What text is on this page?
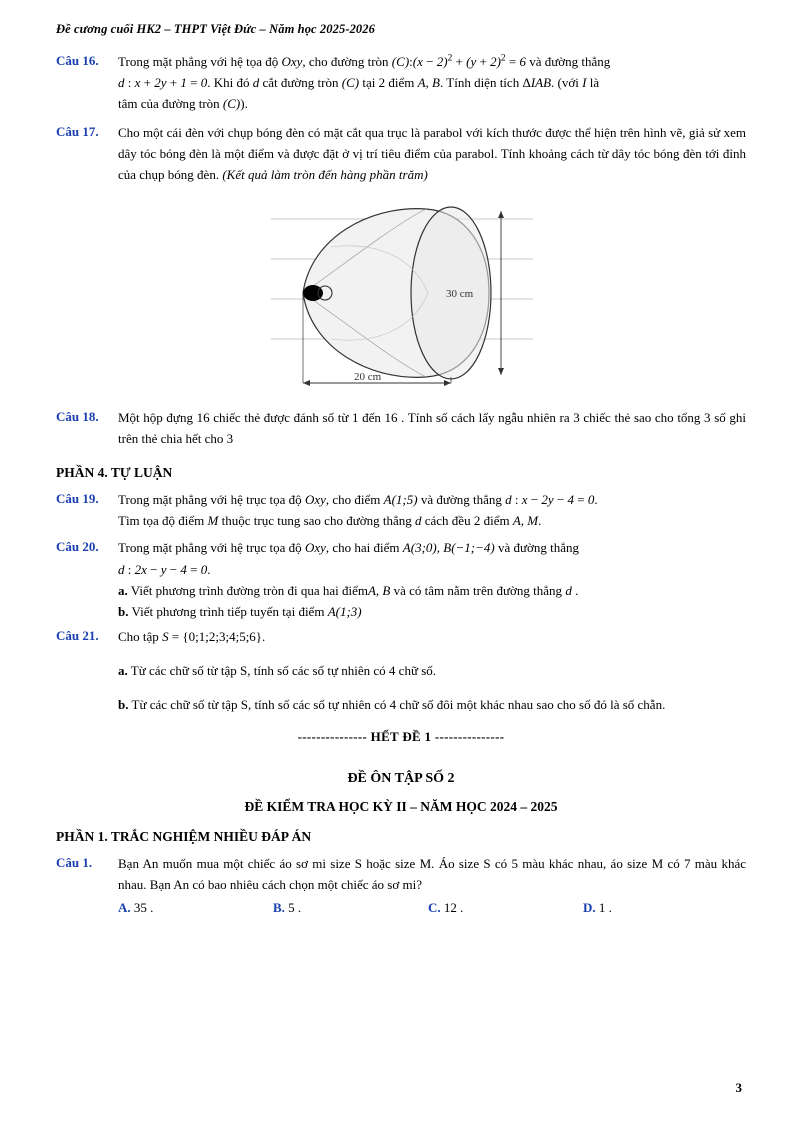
Đề cương cuối HK2 – THPT Việt Đức – Năm học 2025-2026
Câu 16.	Trong mặt phẳng với hệ tọa độ Oxy, cho đường tròn (C):(x − $2)^2 + (y + 2)^2 = 6$ và đường thẳng

d : x + 2y + 1 = 0. Khi đó d cắt đường tròn (C) tại 2 điểm A, B. Tính diện tích ΔIAB. (với I là

tâm của đường tròn (C)).

Câu 17.	Cho một cái đèn với chụp bóng đèn có mặt cắt qua trục là parabol với kích thước được thể hiện trên hình vẽ, giả sử xem dây tóc bóng đèn là một điểm và được đặt ở vị trí tiêu điểm của parabol. Tính khoảng cách từ dây tóc bóng đèn tới đỉnh của chụp bóng đèn. (Kết quả làm tròn đến hàng phần trăm)

30 cm
20 cm
Câu 18.	Một hộp đựng 16 chiếc thẻ được đánh số từ 1 đến 16 . Tính số cách lấy ngẫu nhiên ra 3 chiếc thẻ sao cho tổng 3 số ghi trên thẻ chia hết cho 3
PHẦN 4. TỰ LUẬN
Câu 19.	Trong mặt phẳng với hệ trục tọa độ Oxy, cho điểm A(1;5) và đường thẳng d : x − 2y − 4 = 0.

Tìm tọa độ điểm M thuộc trục tung sao cho đường thẳng d cách đều 2 điểm A, M.

Câu 20.	Trong mặt phẳng với hệ trục tọa độ Oxy, cho hai điểm A(3;0), B(−1;−4) và đường thẳng

d : 2x − y − 4 = 0.

a. Viết phương trình đường tròn đi qua hai điểmA, B và có tâm nằm trên đường thẳng d .

b. Viết phương trình tiếp tuyến tại điểm A(1;3)

Câu 21.	Cho tập S = {0;1;2;3;4;5;6}.

a. Từ các chữ số từ tập S, tính số các số tự nhiên có 4 chữ số.

b. Từ các chữ số từ tập S, tính số các số tự nhiên có 4 chữ số đôi một khác nhau sao cho số đó là số chẵn.

--------------- HẾT ĐỀ 1 ---------------
ĐỀ ÔN TẬP SỐ 2
ĐỀ KIỂM TRA HỌC KỲ II – NĂM HỌC 2024 – 2025
PHẦN 1. TRẮC NGHIỆM NHIỀU ĐÁP ÁN
Câu 1.	Bạn An muốn mua một chiếc áo sơ mi size S hoặc size M. Áo size S có 5 màu khác nhau, áo size M có 7 màu khác nhau. Bạn An có bao nhiêu cách chọn một chiếc áo sơ mi?

A. 35 .	B. 5 .	C. 12 .	D. 1 .
3
